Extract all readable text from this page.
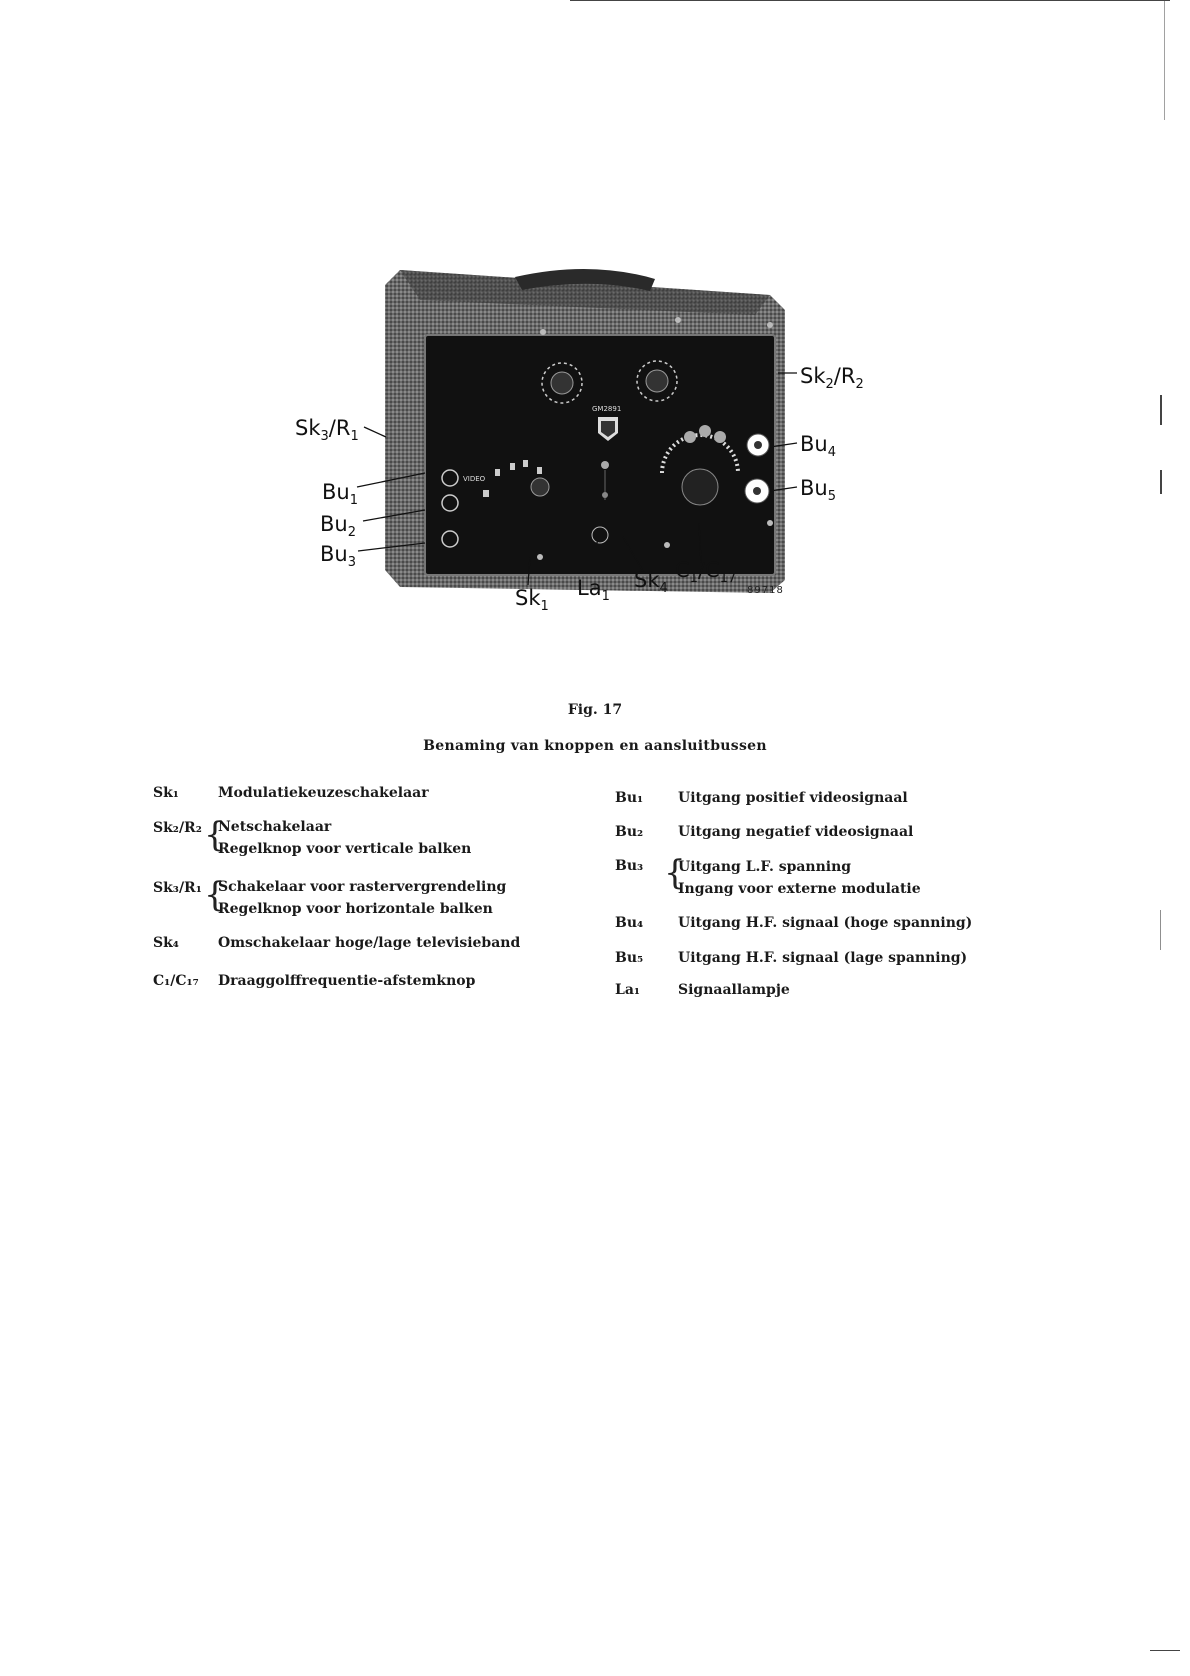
GM2891
VIDEO
$Sk_2/R_2$
$Sk_3/R_1$	$Bu_4$
$Bu_5$
$Bu_1$
$Bu_2$
$Bu_3$
$Sk_1$
$La_1$
$Sk_4$
$C_1/C_{17}$
89718
Fig. 17
Benaming van knoppen en aansluitbussen
Sk₁	Modulatiekeuzeschakelaar
Sk₂/R₂ {
Netschakelaar
Regelknop voor verticale balken
Sk₃/R₁ {
Schakelaar voor rastervergrendeling
Regelknop voor horizontale balken
Sk₄	Omschakelaar hoge/lage televisieband
C₁/C₁₇ Draaggolffrequentie-afstemknop
Bu₁ Uitgang positief videosignaal
Bu₂ Uitgang negatief videosignaal
Bu₃ {
Uitgang L.F. spanning
Ingang voor externe modulatie
Bu₄ Uitgang H.F. signaal (hoge spanning)
Bu₅ Uitgang H.F. signaal (lage spanning)
La₁	Signaallampje
